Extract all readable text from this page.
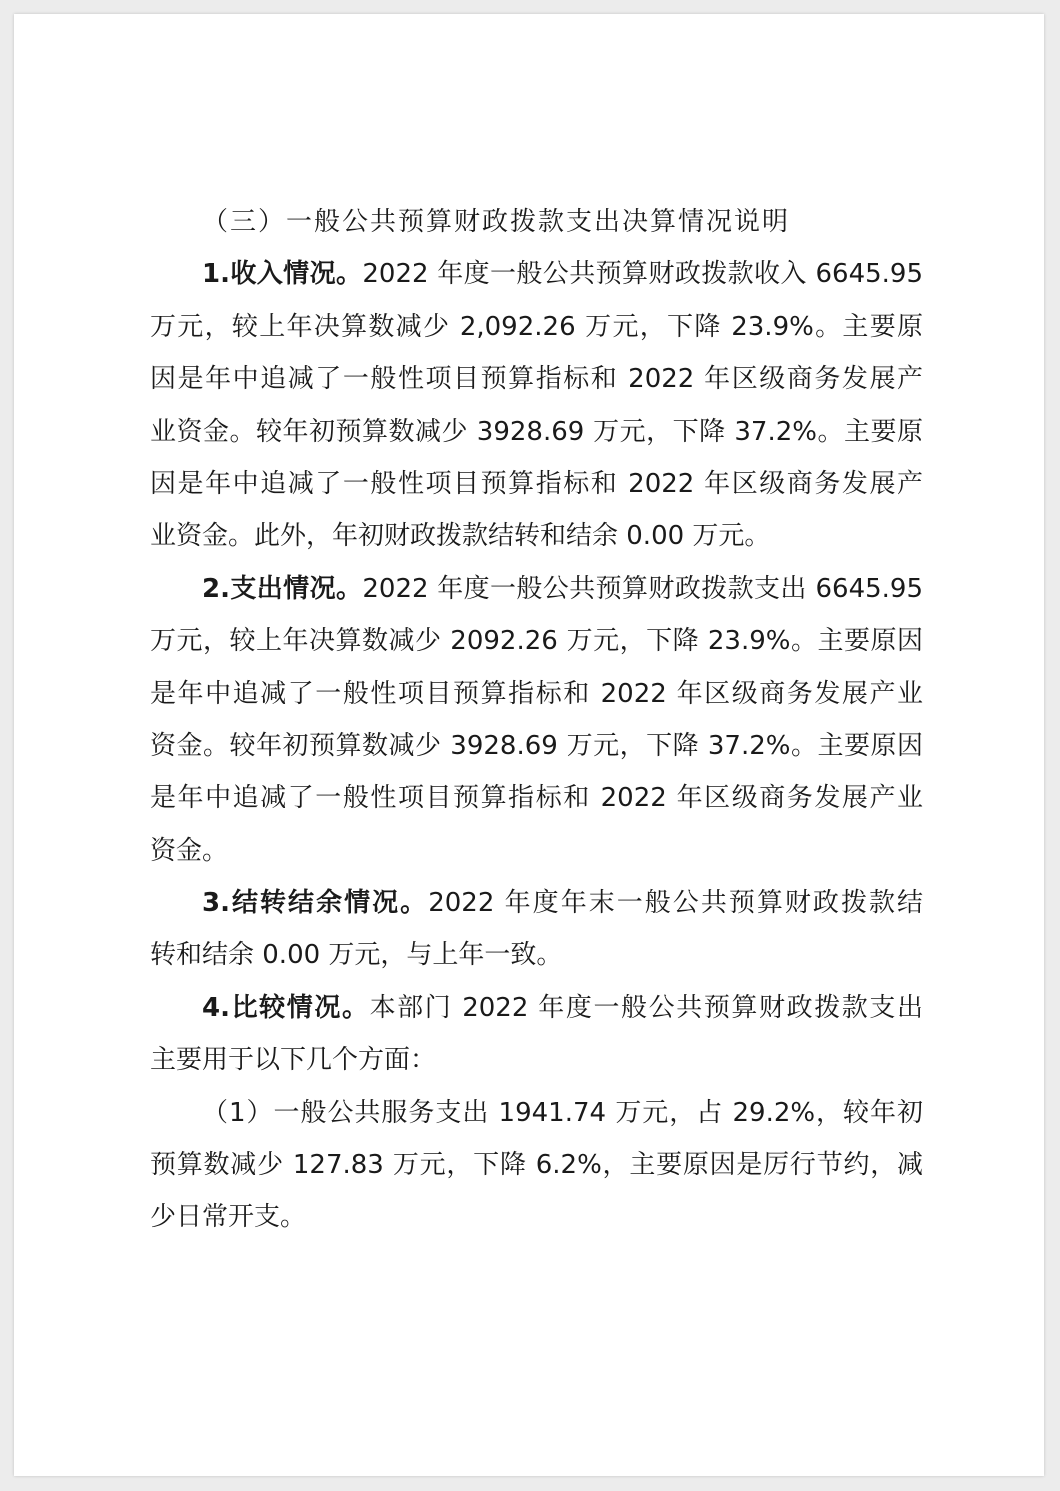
（三）一般公共预算财政拨款支出决算情况说明
1.收入情况。2022 年度一般公共预算财政拨款收入 6645.95
万元，较上年决算数减少 2,092.26 万元，下降 23.9%。主要原
因是年中追减了一般性项目预算指标和 2022 年区级商务发展产
业资金。较年初预算数减少 3928.69 万元，下降 37.2%。主要原
因是年中追减了一般性项目预算指标和 2022 年区级商务发展产
业资金。此外，年初财政拨款结转和结余 0.00 万元。
2.支出情况。2022 年度一般公共预算财政拨款支出 6645.95
万元，较上年决算数减少 2092.26 万元，下降 23.9%。主要原因
是年中追减了一般性项目预算指标和 2022 年区级商务发展产业
资金。较年初预算数减少 3928.69 万元，下降 37.2%。主要原因
是年中追减了一般性项目预算指标和 2022 年区级商务发展产业
资金。
3.结转结余情况。2022 年度年末一般公共预算财政拨款结
转和结余 0.00 万元，与上年一致。
4.比较情况。本部门 2022 年度一般公共预算财政拨款支出
主要用于以下几个方面：
（1）一般公共服务支出 1941.74 万元，占 29.2%，较年初
预算数减少 127.83 万元，下降 6.2%，主要原因是厉行节约，减
少日常开支。
